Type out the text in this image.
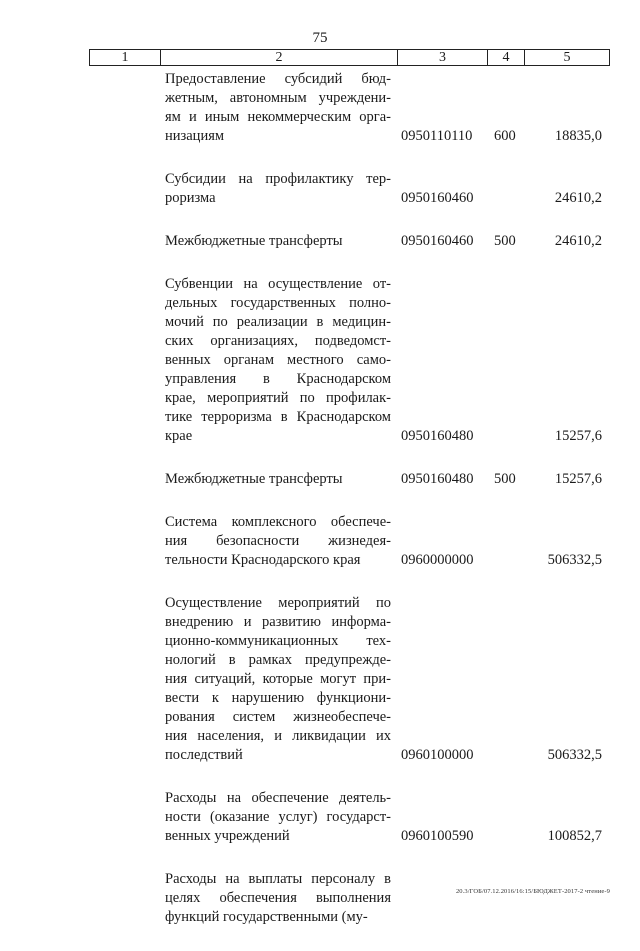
75
1	2	3	4	5
Предоставление субсидий бюд-
жетным, автономным учреждени-
ям и иным некоммерческим орга-
низациям	0950110110 600	18835,0
Субсидии на профилактику тер-
роризма	0950160460	24610,2
Межбюджетные трансферты	0950160460 500	24610,2
Субвенции на осуществление от-
дельных государственных полно-
мочий по реализации в медицин-
ских организациях, подведомст-
венных органам местного само-
управления в Краснодарском
крае, мероприятий по профилак-
тике терроризма в Краснодарском
крае	0950160480	15257,6
Межбюджетные трансферты	0950160480 500	15257,6
Система комплексного обеспече-
ния безопасности жизнедея-
тельности Краснодарского края	0960000000	506332,5
Осуществление мероприятий по
внедрению и развитию информа-
ционно-коммуникационных тех-
нологий в рамках предупрежде-
ния ситуаций, которые могут при-
вести к нарушению функциони-
рования систем жизнеобеспече-
ния населения, и ликвидации их
последствий	0960100000	506332,5
Расходы на обеспечение деятель-
ности (оказание услуг) государст-
венных учреждений	0960100590	100852,7
Расходы на выплаты персоналу в
целях обеспечения выполнения
функций государственными (му-
20.3/ГОБ/07.12.2016/16:15/БЮДЖЕТ-2017-2 чтение-9
